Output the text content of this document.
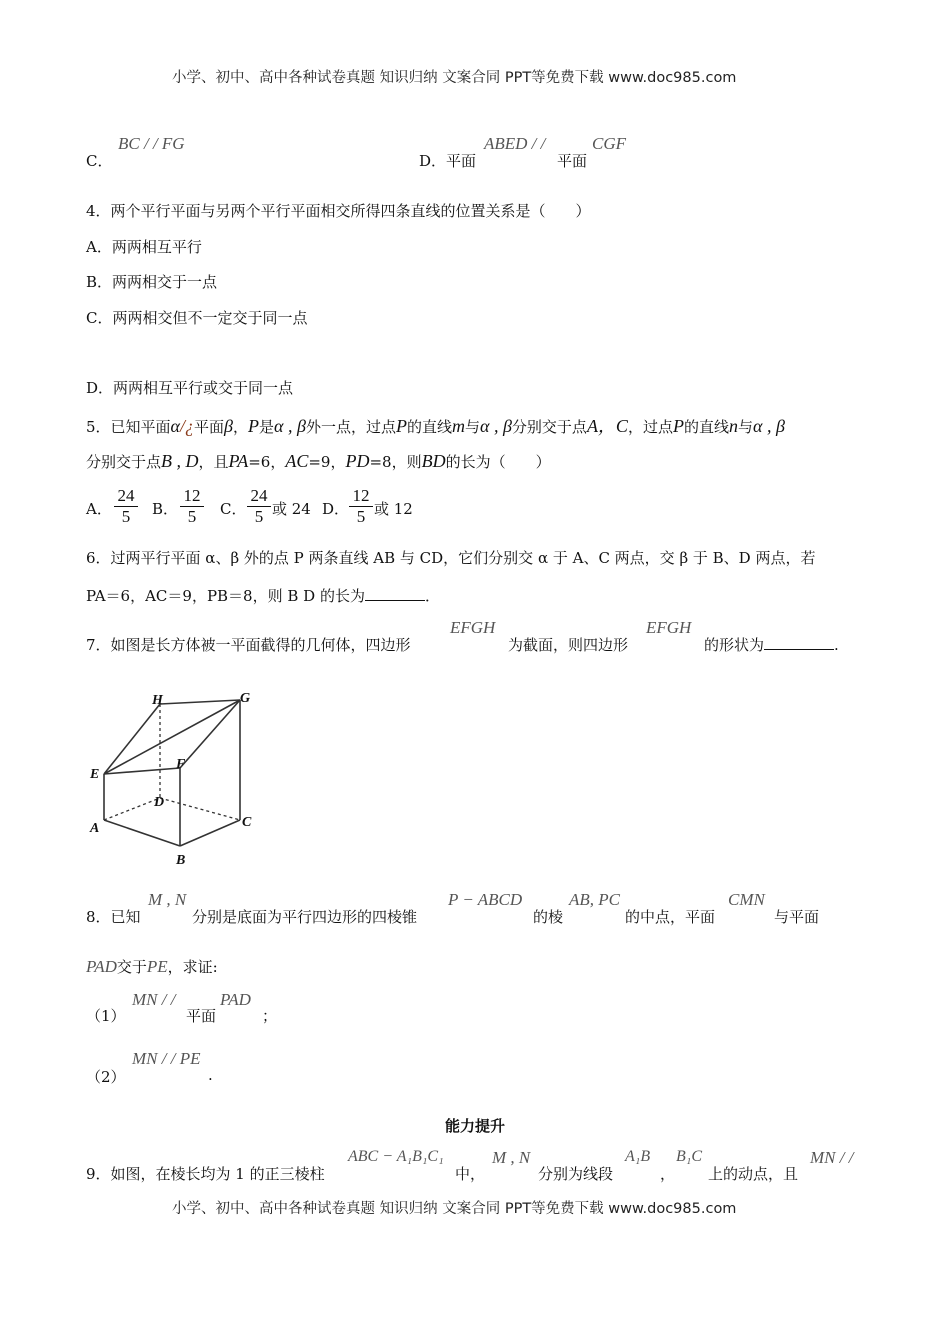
小学、初中、高中各种试卷真题 知识归纳 文案合同 PPT等免费下载 www.doc985.com
C．
BC / / FG
D．平面
ABED / /
平面
CGF
4．两个平行平面与另两个平行平面相交所得四条直线的位置关系是（　　）
A．两两相互平行
B．两两相交于一点
C．两两相交但不一定交于同一点
D．两两相互平行或交于同一点
5．已知平面α/¿平面β，P是α , β外一点，过点P的直线m与α , β分别交于点A，C，过点P的直线n与α , β
分别交于点B , D，且PA=6，AC=9，PD=8，则BD的长为（　　）
A． $\frac{24}{5}$ B． $\frac{12}{5}$ C． $\frac{24}{5}$ 或 24 D． $\frac{12}{5}$ 或 12
6．过两平行平面 α、β 外的点 P 两条直线 AB 与 CD，它们分别交 α 于 A、C 两点，交 β 于 B、D 两点，若
PA＝6，AC＝9，PB＝8，则 B D 的长为	．
7．如图是长方体被一平面截得的几何体，四边形
EFGH
为截面，则四边形
EFGH
的形状为	.
H	G
E
F
D
A
B
C
8．已知
M , N
分别是底面为平行四边形的四棱锥
P − ABCD
的棱
AB, PC
的中点，平面
CMN
与平面
PAD交于PE，求证:
（1）
MN / /
平面
PAD
；
（2）
MN / / PE
.
能力提升
9．如图，在棱长均为 1 的正三棱柱
ABC − A₁B₁C₁
中，
M , N
分别为线段
A₁B
，
B₁C
上的动点，且
MN / /
小学、初中、高中各种试卷真题 知识归纳 文案合同 PPT等免费下载 www.doc985.com
